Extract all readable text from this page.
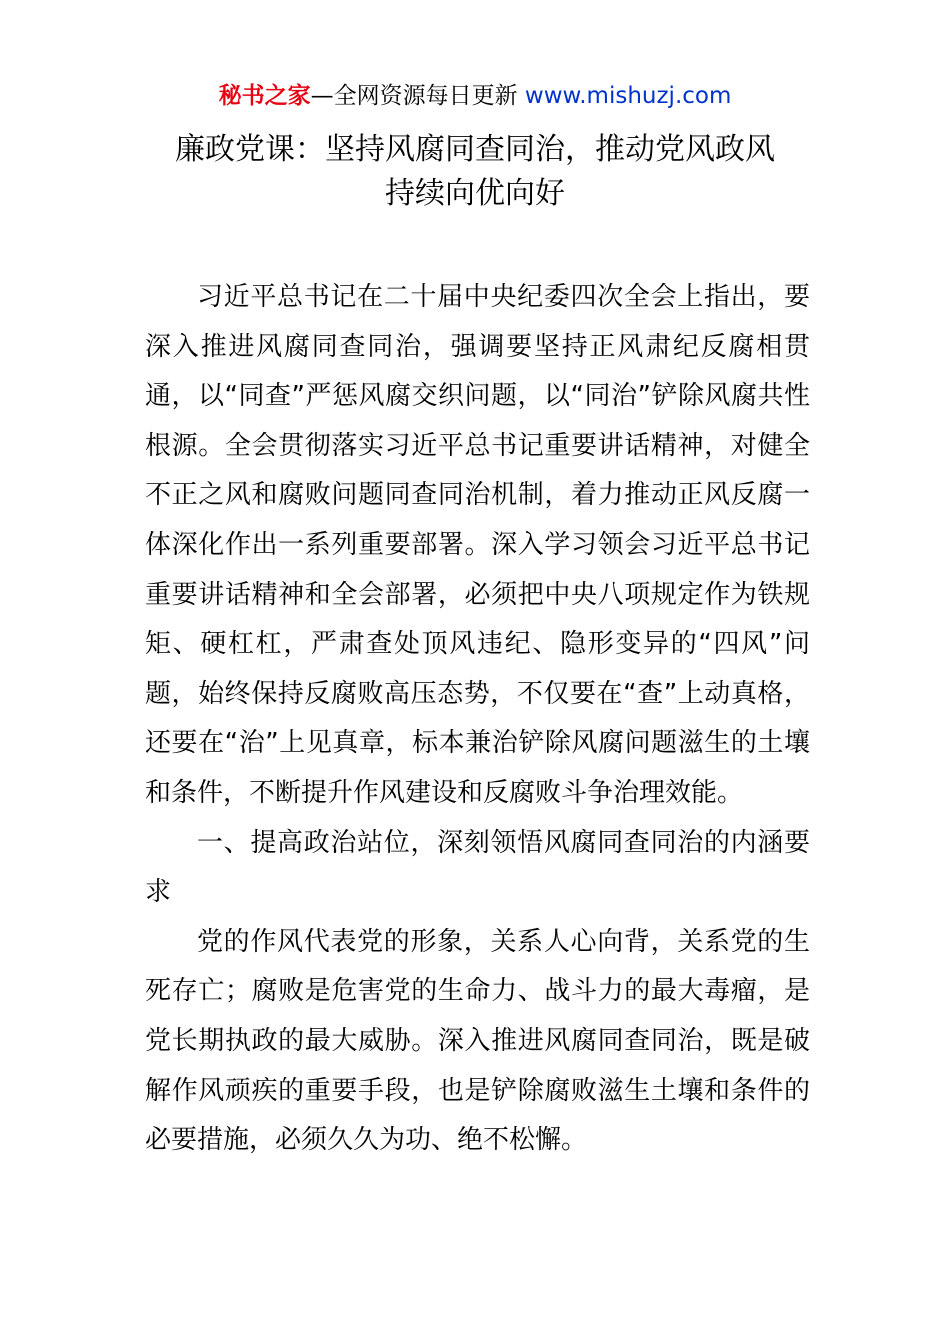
秘书之家—全网资源每日更新 www.mishuzj.com
廉政党课：坚持风腐同查同治，推动党风政风
持续向优向好

习近平总书记在二十届中央纪委四次全会上指出，要深入推进风腐同查同治，强调要坚持正风肃纪反腐相贯通，以“同查”严惩风腐交织问题，以“同治”铲除风腐共性根源。全会贯彻落实习近平总书记重要讲话精神，对健全不正之风和腐败问题同查同治机制，着力推动正风反腐一体深化作出一系列重要部署。深入学习领会习近平总书记重要讲话精神和全会部署，必须把中央八项规定作为铁规矩、硬杠杠，严肃查处顶风违纪、隐形变异的“四风”问题，始终保持反腐败高压态势，不仅要在“查”上动真格，还要在“治”上见真章，标本兼治铲除风腐问题滋生的土壤和条件，不断提升作风建设和反腐败斗争治理效能。

一、提高政治站位，深刻领悟风腐同查同治的内涵要求

党的作风代表党的形象，关系人心向背，关系党的生死存亡；腐败是危害党的生命力、战斗力的最大毒瘤，是党长期执政的最大威胁。深入推进风腐同查同治，既是破解作风顽疾的重要手段，也是铲除腐败滋生土壤和条件的必要措施，必须久久为功、绝不松懈。
